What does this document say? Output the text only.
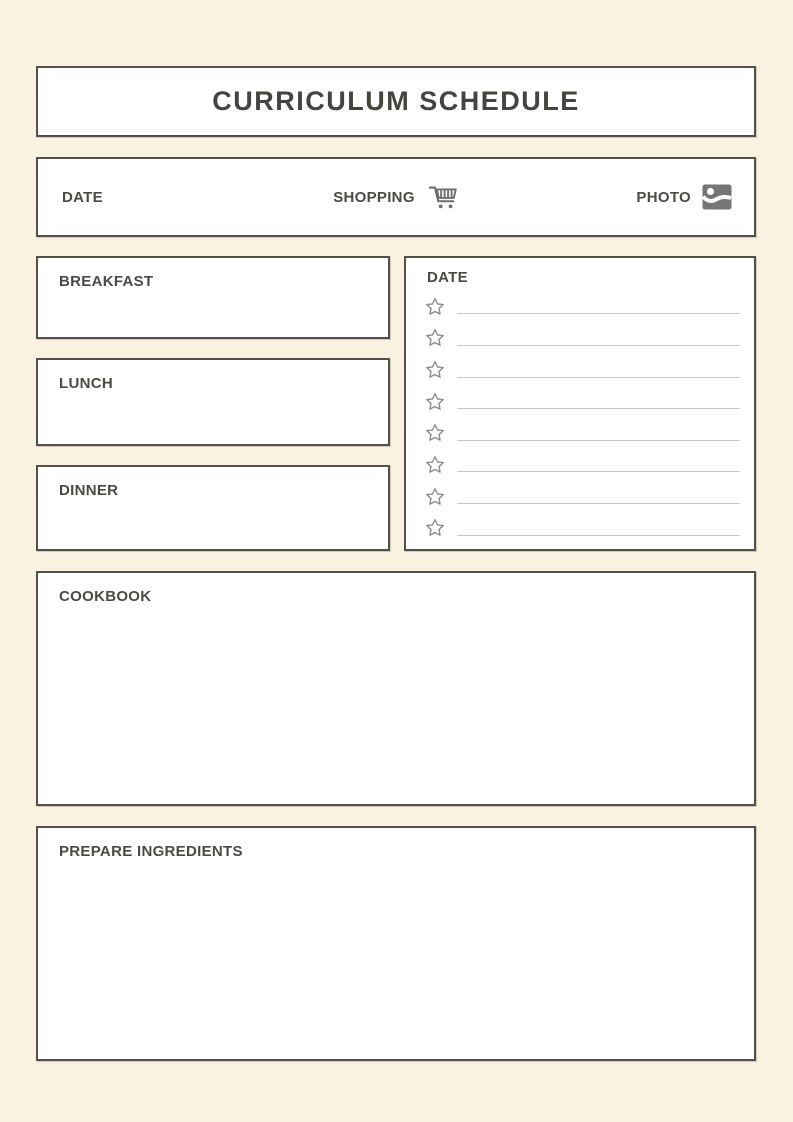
CURRICULUM SCHEDULE
DATE	SHOPPING	PHOTO
BREAKFAST
LUNCH
DINNER
DATE
COOKBOOK
PREPARE INGREDIENTS
